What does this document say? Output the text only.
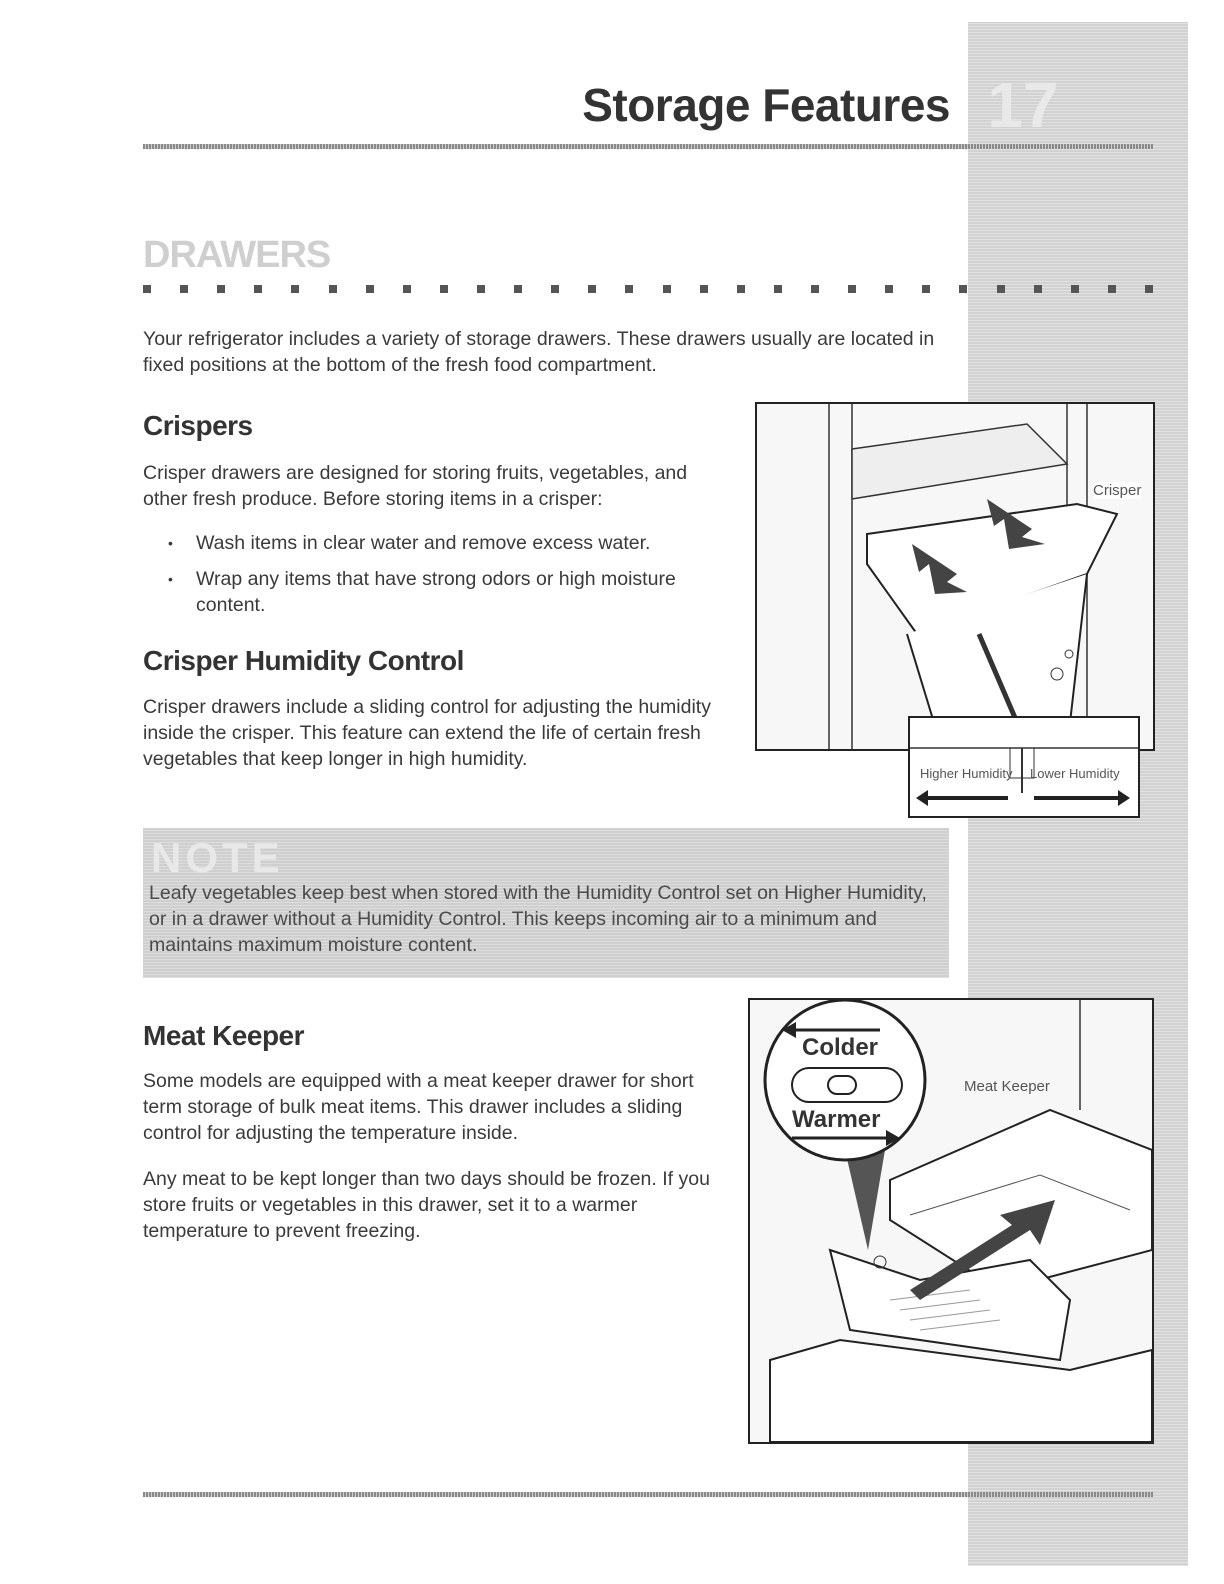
17
Storage Features
DRAWERS

Your refrigerator includes a variety of storage drawers. These drawers usually are located in fixed positions at the bottom of the fresh food compartment.

Crispers

Crisper drawers are designed for storing fruits, vegetables, and other fresh produce. Before storing items in a crisper:

• Wash items in clear water and remove excess water.
• Wrap any items that have strong odors or high moisture content.
Crisper Humidity Control

Crisper drawers include a sliding control for adjusting the humidity inside the crisper. This feature can extend the life of certain fresh vegetables that keep longer in high humidity.

Crisper
Higher Humidity Lower Humidity
NOTE
Leafy vegetables keep best when stored with the Humidity Control set on Higher Humidity, or in a drawer without a Humidity Control. This keeps incoming air to a minimum and maintains maximum moisture content.
Meat Keeper

Some models are equipped with a meat keeper drawer for short term storage of bulk meat items. This drawer includes a sliding control for adjusting the temperature inside.

Any meat to be kept longer than two days should be frozen. If you store fruits or vegetables in this drawer, set it to a warmer temperature to prevent freezing.

Colder
Warmer
Meat Keeper
